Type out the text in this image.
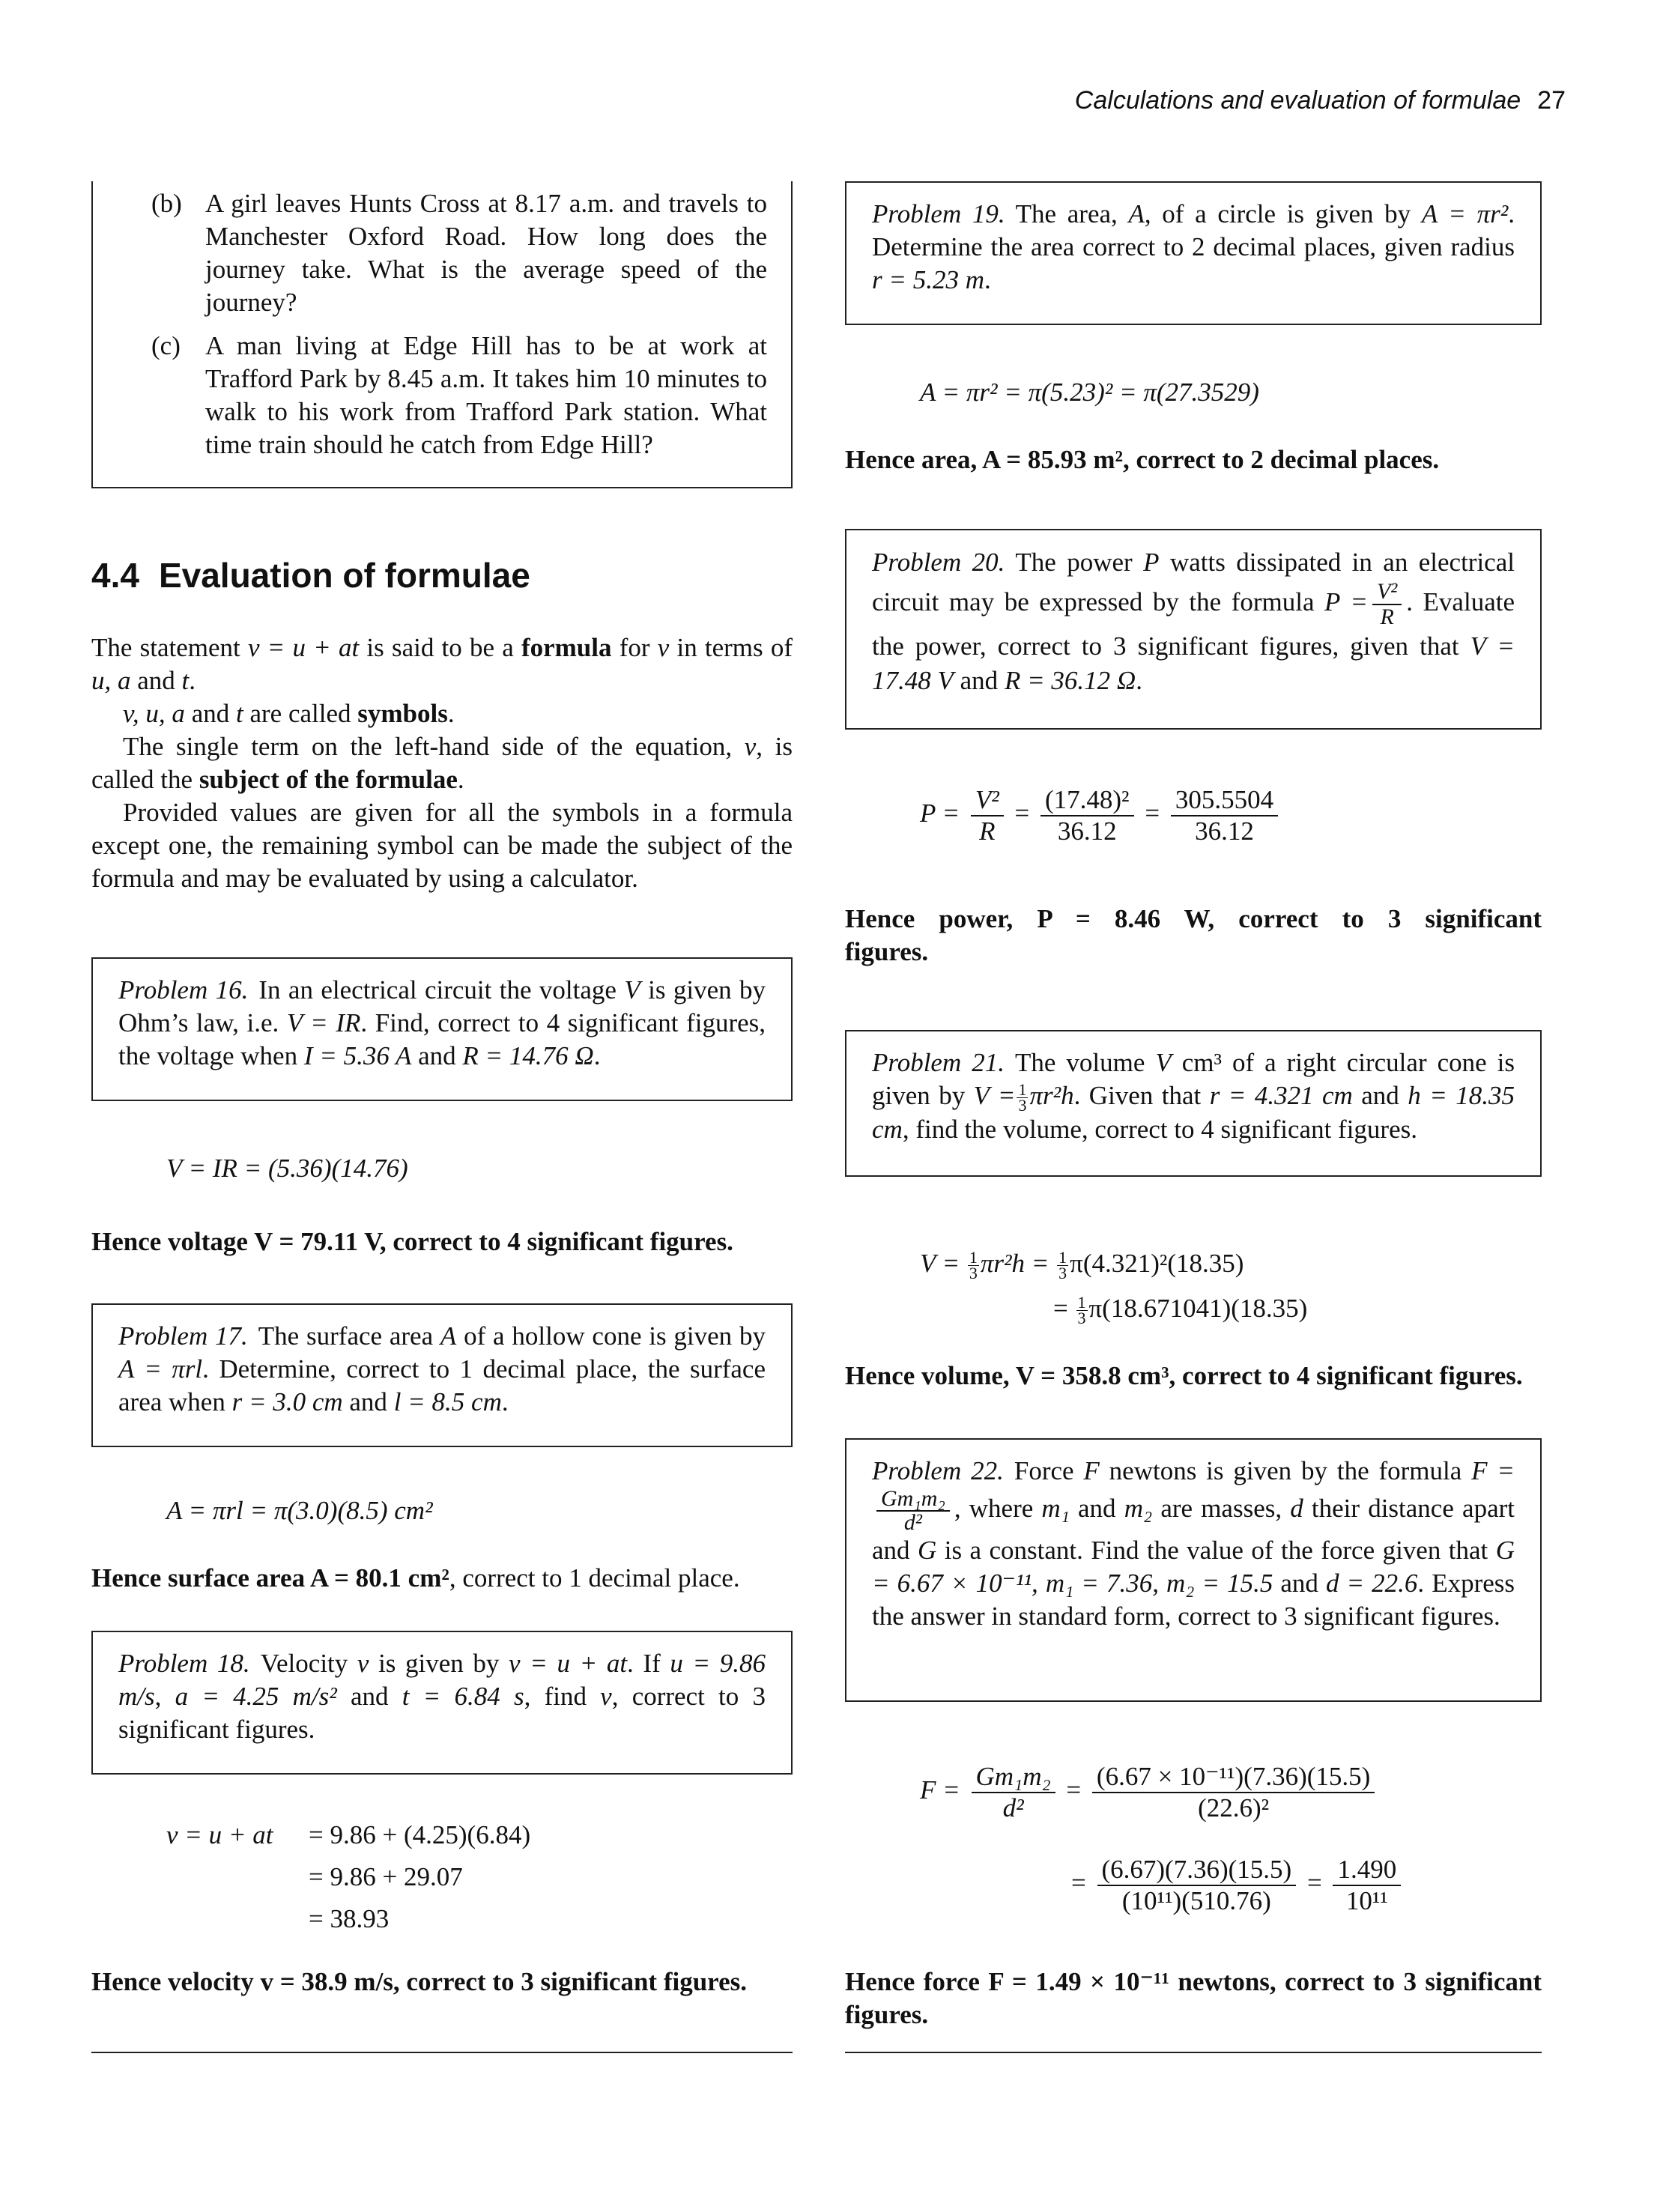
Calculations and evaluation of formulae 27
(b) A girl leaves Hunts Cross at 8.17 a.m. and travels to Manchester Oxford Road. How long does the journey take. What is the average speed of the journey?
(c) A man living at Edge Hill has to be at work at Trafford Park by 8.45 a.m. It takes him 10 minutes to walk to his work from Trafford Park station. What time train should he catch from Edge Hill?
4.4 Evaluation of formulae

The statement v = u + at is said to be a formula for v in terms of u, a and t.

v, u, a and t are called symbols.

The single term on the left-hand side of the equation, v, is called the subject of the formulae.

Provided values are given for all the symbols in a formula except one, the remaining symbol can be made the subject of the formula and may be evaluated by using a calculator.

Problem 16. In an electrical circuit the voltage V is given by Ohm’s law, i.e. V = IR. Find, correct to 4 significant figures, the voltage when I = 5.36 A and R = 14.76 Ω.

V = IR = (5.36)(14.76)
Hence voltage V = 79.11 V, correct to 4 significant figures.

Problem 17. The surface area A of a hollow cone is given by A = πrl. Determine, correct to 1 decimal place, the surface area when r = 3.0 cm and l = 8.5 cm.

A = πrl = π(3.0)(8.5) cm²
Hence surface area A = 80.1 cm², correct to 1 decimal place.

Problem 18. Velocity v is given by v = u + at. If u = 9.86 m/s, a = 4.25 m/s² and t = 6.84 s, find v, correct to 3 significant figures.

v = u + at = 9.86 + (4.25)(6.84)
= 9.86 + 29.07
= 38.93
Hence velocity v = 38.9 m/s, correct to 3 significant figures.

Problem 19. The area, A, of a circle is given by A = πr². Determine the area correct to 2 decimal places, given radius r = 5.23 m.

A = πr² = π(5.23)² = π(27.3529)
Hence area, A = 85.93 m², correct to 2 decimal places.

Problem 20. The power P watts dissipated in an electrical circuit may be expressed by the formula $P = \frac{\text{V²}}{R}$ . Evaluate the power, correct to 3 significant figures, given that V = 17.48 V and R = 36.12 Ω.

$P = \frac{\text{V²}}{R} = \frac{\text{(17.48)²}}{36.12} = \frac{305.5504}{36.12}$
Hence power, P = 8.46 W, correct to 3 significant figures.

Problem 21. The volume V cm³ of a right circular cone is given by $V = \frac{1}{3} \pi r^2h$. Given that r = 4.321 cm and h = 18.35 cm, find the volume, correct to 4 significant figures.

$V = \frac{1}{3} \pi r^2h = \frac{1}{3} \pi(4.321)^2(18.35)$
= $\frac{1}{3} \pi(18.671041)(18.35)$
Hence volume, V = 358.8 cm³, correct to 4 significant figures.

Problem 22. Force F newtons is given by the formula F =
$\frac{\text{Gm₁m₂}}{\text{d²}}$ , where m₁ and m₂ are masses, d their distance apart and G is a constant. Find the value of the force given that G = 6.67 × 10⁻¹¹, m₁ = 7.36, m₂ = 15.5 and d = 22.6. Express the answer in standard form, correct to 3 significant figures.

$F = \frac{\text{Gm₁m₂}}{\text{d²}} = \frac{\text{(6.67 × 10⁻¹¹)(7.36)(15.5)}}{\text{(22.6)²}}$
= $\frac{(6.67)(7.36)(15.5)}{\text{(10¹¹)(510.76)}} = \frac{1.490}{\text{10¹¹}}$
Hence force F = 1.49 × 10⁻¹¹ newtons, correct to 3 significant figures.
